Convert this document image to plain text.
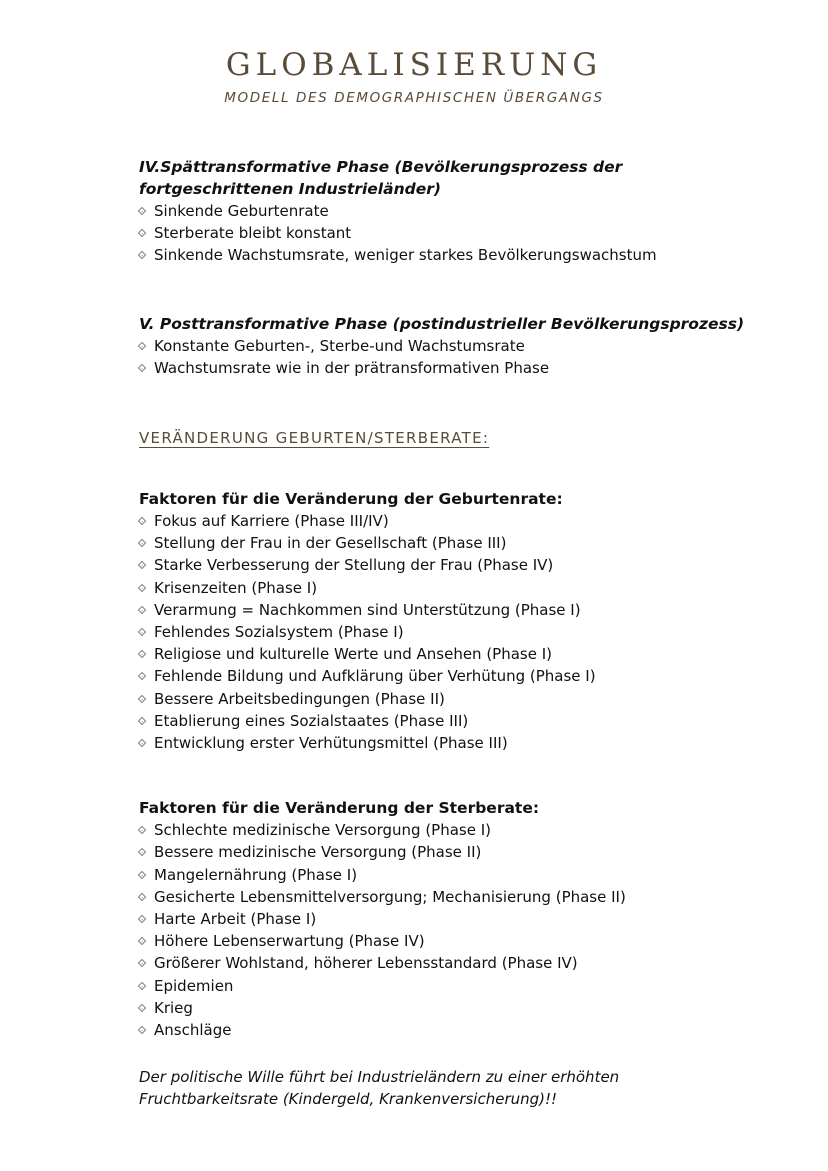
GLOBALISIERUNG
MODELL DES DEMOGRAPHISCHEN ÜBERGANGS

IV.Spättransformative Phase (Bevölkerungsprozess der
fortgeschrittenen Industrieländer)

Sinkende Geburtenrate
Sterberate bleibt konstant
Sinkende Wachstumsrate, weniger starkes Bevölkerungswachstum

V. Posttransformative Phase (postindustrieller Bevölkerungsprozess)

Konstante Geburten-, Sterbe-und Wachstumsrate
Wachstumsrate wie in der prätransformativen Phase

VERÄNDERUNG GEBURTEN/STERBERATE:

Faktoren für die Veränderung der Geburtenrate:

Fokus auf Karriere (Phase III/IV)
Stellung der Frau in der Gesellschaft (Phase III)
Starke Verbesserung der Stellung der Frau (Phase IV)
Krisenzeiten (Phase I)
Verarmung = Nachkommen sind Unterstützung (Phase I)
Fehlendes Sozialsystem (Phase I)
Religiose und kulturelle Werte und Ansehen (Phase I)
Fehlende Bildung und Aufklärung über Verhütung (Phase I)
Bessere Arbeitsbedingungen (Phase II)
Etablierung eines Sozialstaates (Phase III)
Entwicklung erster Verhütungsmittel (Phase III)

Faktoren für die Veränderung der Sterberate:

Schlechte medizinische Versorgung (Phase I)
Bessere medizinische Versorgung (Phase II)
Mangelernährung (Phase I)
Gesicherte Lebensmittelversorgung; Mechanisierung (Phase II)
Harte Arbeit (Phase I)
Höhere Lebenserwartung (Phase IV)
Größerer Wohlstand, höherer Lebensstandard (Phase IV)
Epidemien
Krieg
Anschläge

Der politische Wille führt bei Industrieländern zu einer erhöhten
Fruchtbarkeitsrate (Kindergeld, Krankenversicherung)!!
